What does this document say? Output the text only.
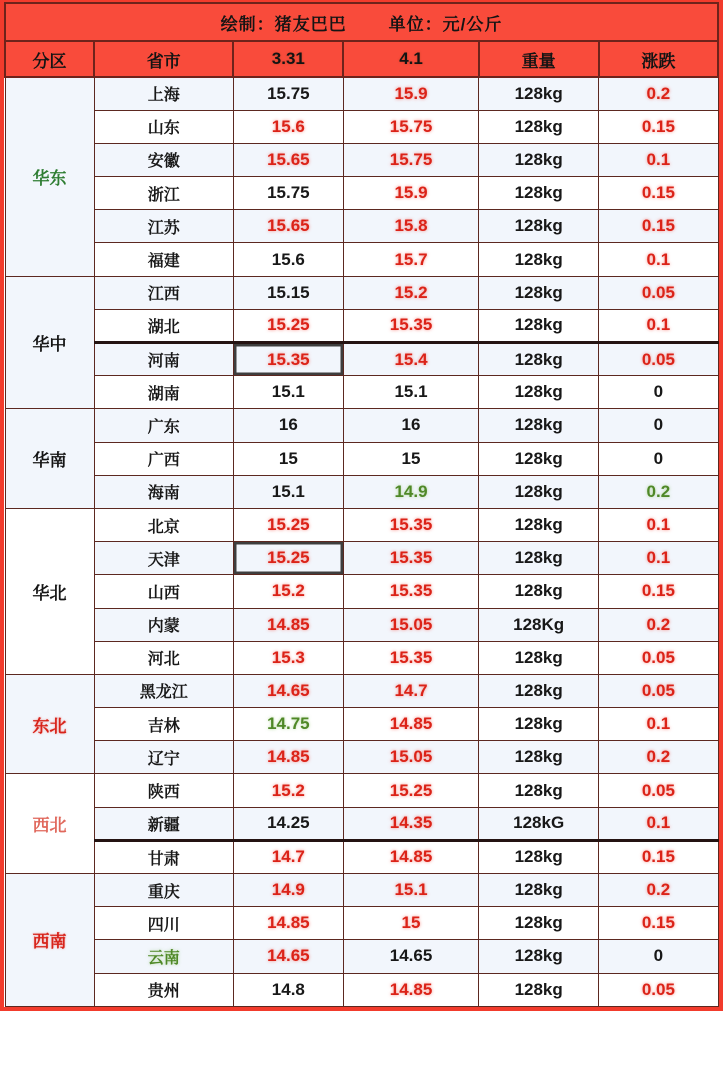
绘制：猪友巴巴 单位：元/公斤					
分区	省市	3.31	4.1	重量	涨跌
华东	上海	15.75	15.9	128kg	0.2
	山东	15.6	15.75	128kg	0.15
	安徽	15.65	15.75	128kg	0.1
	浙江	15.75	15.9	128kg	0.15
	江苏	15.65	15.8	128kg	0.15
	福建	15.6	15.7	128kg	0.1
华中	江西	15.15	15.2	128kg	0.05
	湖北	15.25	15.35	128kg	0.1
	河南	15.35	15.4	128kg	0.05
	湖南	15.1	15.1	128kg	0
华南	广东	16	16	128kg	0
	广西	15	15	128kg	0
	海南	15.1	14.9	128kg	0.2
华北	北京	15.25	15.35	128kg	0.1
	天津	15.25	15.35	128kg	0.1
	山西	15.2	15.35	128kg	0.15
	内蒙	14.85	15.05	128Kg	0.2
	河北	15.3	15.35	128kg	0.05
东北	黑龙江	14.65	14.7	128kg	0.05
	吉林	14.75	14.85	128kg	0.1
	辽宁	14.85	15.05	128kg	0.2
西北	陕西	15.2	15.25	128kg	0.05
	新疆	14.25	14.35	128kG	0.1
	甘肃	14.7	14.85	128kg	0.15
西南	重庆	14.9	15.1	128kg	0.2
	四川	14.85	15	128kg	0.15
	云南	14.65	14.65	128kg	0
	贵州	14.8	14.85	128kg	0.05
